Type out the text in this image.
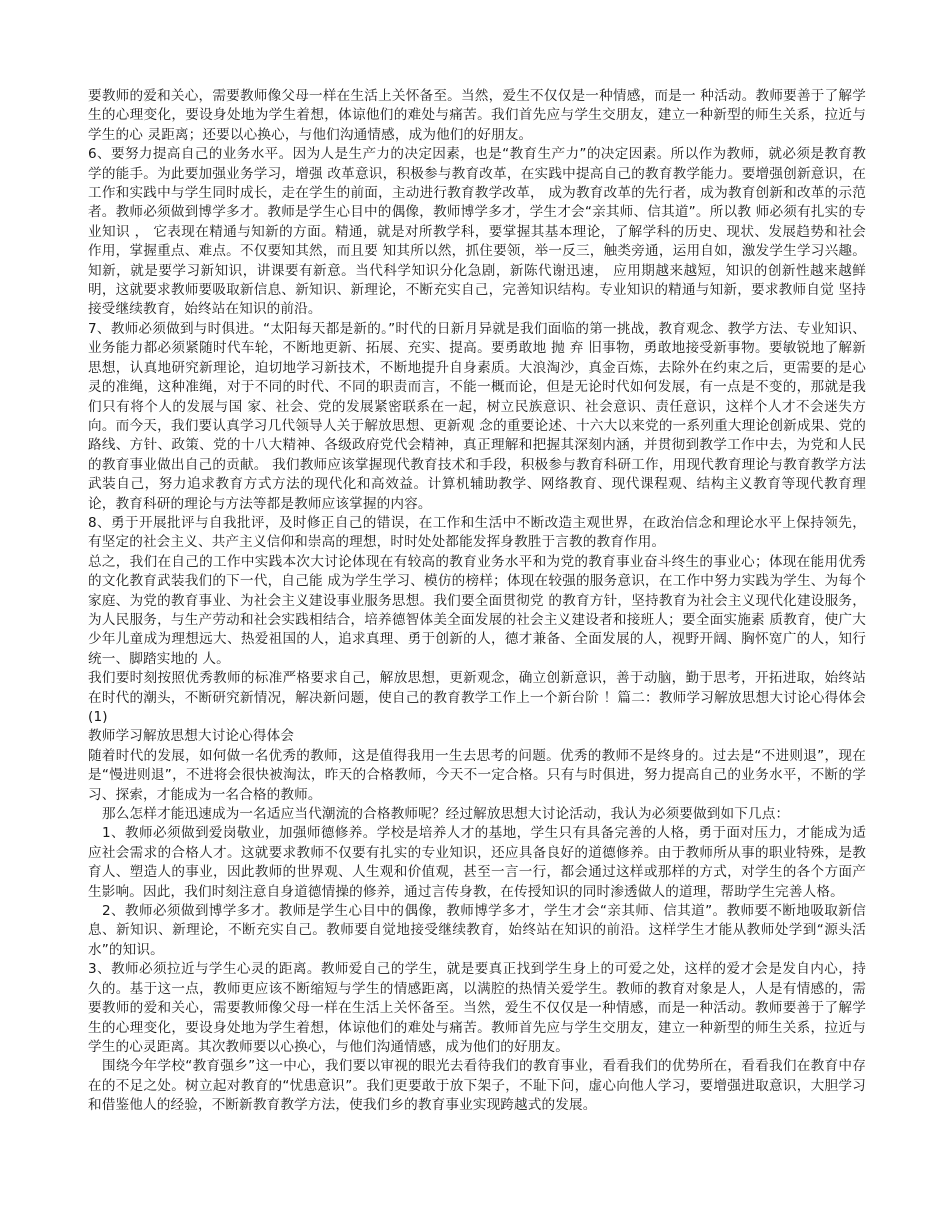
要教师的爱和关心，需要教师像父母一样在生活上关怀备至。当然，爱生不仅仅是一种情感，而是一 种活动。教师要善于了解学生的心理变化，要设身处地为学生着想，体谅他们的难处与痛苦。我们首先应与学生交朋友，建立一种新型的师生关系，拉近与学生的心 灵距离；还要以心换心，与他们沟通情感，成为他们的好朋友。

6、要努力提高自己的业务水平。因为人是生产力的决定因素，也是“教育生产力”的决定因素。所以作为教师，就必须是教育教学的能手。为此要加强业务学习，增强 改革意识，积极参与教育改革，在实践中提高自己的教育教学能力。要增强创新意识，在工作和实践中与学生同时成长，走在学生的前面，主动进行教育教学改革， 成为教育改革的先行者，成为教育创新和改革的示范者。教师必须做到博学多才。教师是学生心目中的偶像，教师博学多才，学生才会“亲其师、信其道”。所以教 师必须有扎实的专业知识 ， 它表现在精通与知新的方面。精通，就是对所教学科，要掌握其基本理论，了解学科的历史、现状、发展趋势和社会作用，掌握重点、难点。不仅要知其然，而且要 知其所以然，抓住要领，举一反三，触类旁通，运用自如，激发学生学习兴趣。知新，就是要学习新知识，讲课要有新意。当代科学知识分化急剧，新陈代谢迅速， 应用期越来越短，知识的创新性越来越鲜明，这就要求教师要吸取新信息、新知识、新理论，不断充实自己，完善知识结构。专业知识的精通与知新，要求教师自觉 坚持接受继续教育，始终站在知识的前沿。

7、教师必须做到与时俱进。“太阳每天都是新的。”时代的日新月异就是我们面临的第一挑战，教育观念、教学方法、专业知识、业务能力都必须紧随时代车轮，不断地更新、拓展、充实、提高。要勇敢地 抛 弃 旧事物，勇敢地接受新事物。要敏锐地了解新思想，认真地研究新理论，迫切地学习新技术，不断地提升自身素质。大浪淘沙，真金百炼，去除外在约束之后，更需要的是心灵的准绳，这种准绳，对于不同的时代、不同的职责而言，不能一概而论，但是无论时代如何发展，有一点是不变的，那就是我们只有将个人的发展与国 家、社会、党的发展紧密联系在一起，树立民族意识、社会意识、责任意识，这样个人才不会迷失方向。而今天，我们要认真学习几代领导人关于解放思想、更新观 念的重要论述、十六大以来党的一系列重大理论创新成果、党的路线、方针、政策、党的十八大精神、各级政府党代会精神，真正理解和把握其深刻内涵，并贯彻到教学工作中去，为党和人民的教育事业做出自己的贡献。 我们教师应该掌握现代教育技术和手段，积极参与教育科研工作，用现代教育理论与教育教学方法武装自己，努力追求教育方式方法的现代化和高效益。计算机辅助教学、网络教育、现代课程观、结构主义教育等现代教育理论，教育科研的理论与方法等都是教师应该掌握的内容。

8、勇于开展批评与自我批评，及时修正自己的错误，在工作和生活中不断改造主观世界，在政治信念和理论水平上保持领先，有坚定的社会主义、共产主义信仰和崇高的理想，时时处处都能发挥身教胜于言教的教育作用。

总之，我们在自己的工作中实践本次大讨论体现在有较高的教育业务水平和为党的教育事业奋斗终生的事业心；体现在能用优秀的文化教育武装我们的下一代，自己能 成为学生学习、模仿的榜样；体现在较强的服务意识，在工作中努力实践为学生、为每个家庭、为党的教育事业、为社会主义建设事业服务思想。我们要全面贯彻党 的教育方针，坚持教育为社会主义现代化建设服务，为人民服务，与生产劳动和社会实践相结合，培养德智体美全面发展的社会主义建设者和接班人；要全面实施素 质教育，使广大少年儿童成为理想远大、热爱祖国的人，追求真理、勇于创新的人，德才兼备、全面发展的人，视野开阔、胸怀宽广的人，知行统一、脚踏实地的 人。

我们要时刻按照优秀教师的标准严格要求自己，解放思想，更新观念，确立创新意识，善于动脑，勤于思考，开拓进取，始终站在时代的潮头，不断研究新情况，解决新问题，使自己的教育教学工作上一个新台阶 ！篇二：教师学习解放思想大讨论心得体会(1)

教师学习解放思想大讨论心得体会

随着时代的发展，如何做一名优秀的教师，这是值得我用一生去思考的问题。优秀的教师不是终身的。过去是“不进则退”，现在是“慢进则退”，不进将会很快被淘汰，昨天的合格教师，今天不一定合格。只有与时俱进，努力提高自己的业务水平，不断的学习、探索，才能成为一名合格的教师。

那么怎样才能迅速成为一名适应当代潮流的合格教师呢？经过解放思想大讨论活动，我认为必须要做到如下几点：

1、教师必须做到爱岗敬业，加强师德修养。学校是培养人才的基地，学生只有具备完善的人格，勇于面对压力，才能成为适应社会需求的合格人才。这就要求教师不仅要有扎实的专业知识，还应具备良好的道德修养。由于教师所从事的职业特殊，是教育人、塑造人的事业，因此教师的世界观、人生观和价值观，甚至一言一行，都会通过这样或那样的方式，对学生的各个方面产生影响。因此，我们时刻注意自身道德情操的修养，通过言传身教，在传授知识的同时渗透做人的道理，帮助学生完善人格。

2、教师必须做到博学多才。教师是学生心目中的偶像，教师博学多才，学生才会“亲其师、信其道”。教师要不断地吸取新信息、新知识、新理论，不断充实自己。教师要自觉地接受继续教育，始终站在知识的前沿。这样学生才能从教师处学到“源头活水”的知识。

3、教师必须拉近与学生心灵的距离。教师爱自己的学生，就是要真正找到学生身上的可爱之处，这样的爱才会是发自内心，持久的。基于这一点，教师更应该不断缩短与学生的情感距离，以满腔的热情关爱学生。教师的教育对象是人，人是有情感的，需要教师的爱和关心，需要教师像父母一样在生活上关怀备至。当然，爱生不仅仅是一种情感，而是一种活动。教师要善于了解学生的心理变化，要设身处地为学生着想，体谅他们的难处与痛苦。教师首先应与学生交朋友，建立一种新型的师生关系，拉近与学生的心灵距离。其次教师要以心换心，与他们沟通情感，成为他们的好朋友。

围绕今年学校“教育强乡”这一中心，我们要以审视的眼光去看待我们的教育事业，看看我们的优势所在，看看我们在教育中存在的不足之处。树立起对教育的“忧患意识”。我们更要敢于放下架子，不耻下问，虚心向他人学习，要增强进取意识，大胆学习和借鉴他人的经验，不断新教育教学方法，使我们乡的教育事业实现跨越式的发展。
